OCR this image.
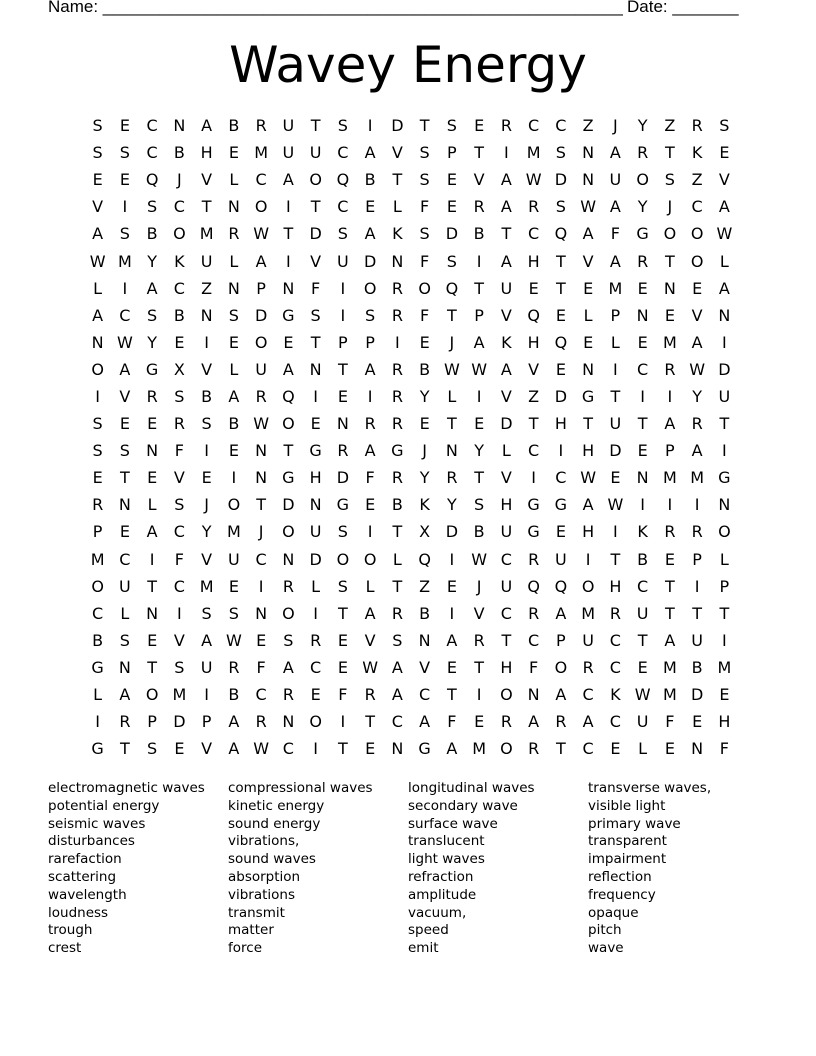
Name: _______________________________________________________ Date: _______
Wavey Energy
S	E	C N A	B	R U	T	S	I	D	T	S	E	R	C	C	Z	J	Y	Z	R	S
S	S	C	B H	E M U U C	A	V	S	P	T	I	M S	N A	R	T	K	E
E	E Q	J	V	L	C	A O Q B	T	S	E	V	A W D N U O S	Z	V
V	I	S	C	T	N O	I	T	C	E	L	F	E	R	A	R	S W A	Y	J	C	A
A	S	B O M R W T	D	S	A	K	S	D B	T	C Q A	F	G O O W
W M Y	K	U	L	A	I	V U D N	F	S	I	A H	T	V	A	R	T	O	L
L	I	A	C	Z N	P	N	F	I	O R O Q	T	U	E	T	E M E	N	E	A
A	C	S	B N	S	D G S	I	S	R	F	T	P	V Q E	L	P	N	E	V N
N W Y	E	I	E O E	T	P	P	I	E	J	A	K H Q E	L	E M A	I
O A G X	V	L	U A N	T	A	R	B W W A	V	E	N	I	C	R W D
I	V	R	S	B	A	R Q	I	E	I	R	Y	L	I	V	Z D G	T	I	I	Y	U
S	E	E	R	S	B W O E	N R	R	E	T	E	D	T	H	T	U	T	A	R	T
S	S	N	F	I	E	N	T	G R	A G	J	N	Y	L	C	I	H D	E	P	A	I
E	T	E	V	E	I	N G H D	F	R	Y	R	T	V	I	C W E	N M M G
R N	L	S	J	O	T	D N G E	B	K	Y	S	H G G A W	I	I	I	N
P	E	A	C	Y M	J	O U	S	I	T	X D B U G E	H	I	K	R	R O
M C	I	F	V U C N D O O	L	Q	I	W C	R U	I	T	B	E	P	L
O U	T	C M E	I	R	L	S	L	T	Z	E	J	U Q Q O H C	T	I	P
C	L	N	I	S	S	N O	I	T	A	R	B	I	V	C	R	A M R U	T	T	T
B	S	E	V	A W E	S	R	E	V	S	N A	R	T	C	P	U C	T	A U	I
G N	T	S	U R	F	A	C	E W A	V	E	T	H	F	O R	C	E M B M
L	A O M	I	B	C	R	E	F	R	A	C	T	I	O N A	C	K W M D	E
I	R	P	D	P	A	R N O	I	T	C	A	F	E	R	A	R	A	C U	F	E	H
G	T	S	E	V	A W C	I	T	E	N G A M O R	T	C	E	L	E	N	F
electromagnetic waves	compressional waves	longitudinal waves	transverse waves,
potential energy	kinetic energy	secondary wave	visible light
seismic waves	sound energy	surface wave	primary wave
disturbances	vibrations,	translucent	transparent
rarefaction	sound waves	light waves	impairment
scattering	absorption	refraction	reflection
wavelength	vibrations	amplitude	frequency
loudness	transmit	vacuum,	opaque
trough	matter	speed	pitch
crest	force	emit	wave
